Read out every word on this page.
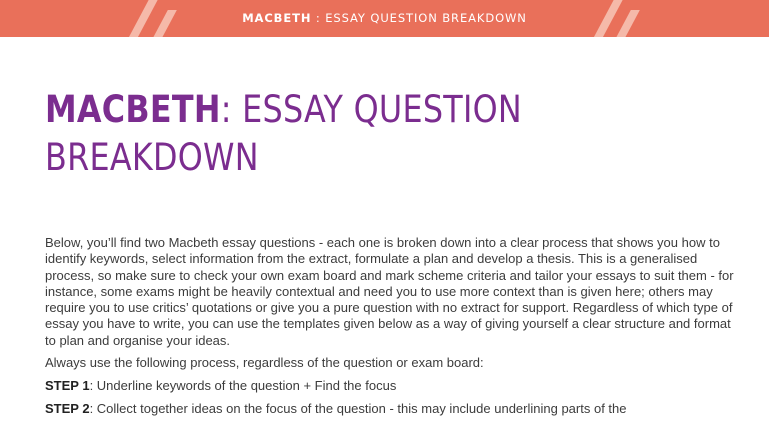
MACBETH : ESSAY QUESTION BREAKDOWN
MACBETH: ESSAY QUESTION BREAKDOWN

Below, you’ll find two Macbeth essay questions - each one is broken down into a clear process that shows you how to identify keywords, select information from the extract, formulate a plan and develop a thesis. This is a generalised process, so make sure to check your own exam board and mark scheme criteria and tailor your essays to suit them - for instance, some exams might be heavily contextual and need you to use more context than is given here; others may require you to use critics’ quotations or give you a pure question with no extract for support. Regardless of which type of essay you have to write, you can use the templates given below as a way of giving yourself a clear structure and format to plan and organise your ideas.

Always use the following process, regardless of the question or exam board:

STEP 1: Underline keywords of the question + Find the focus

STEP 2: Collect together ideas on the focus of the question - this may include underlining parts of the
